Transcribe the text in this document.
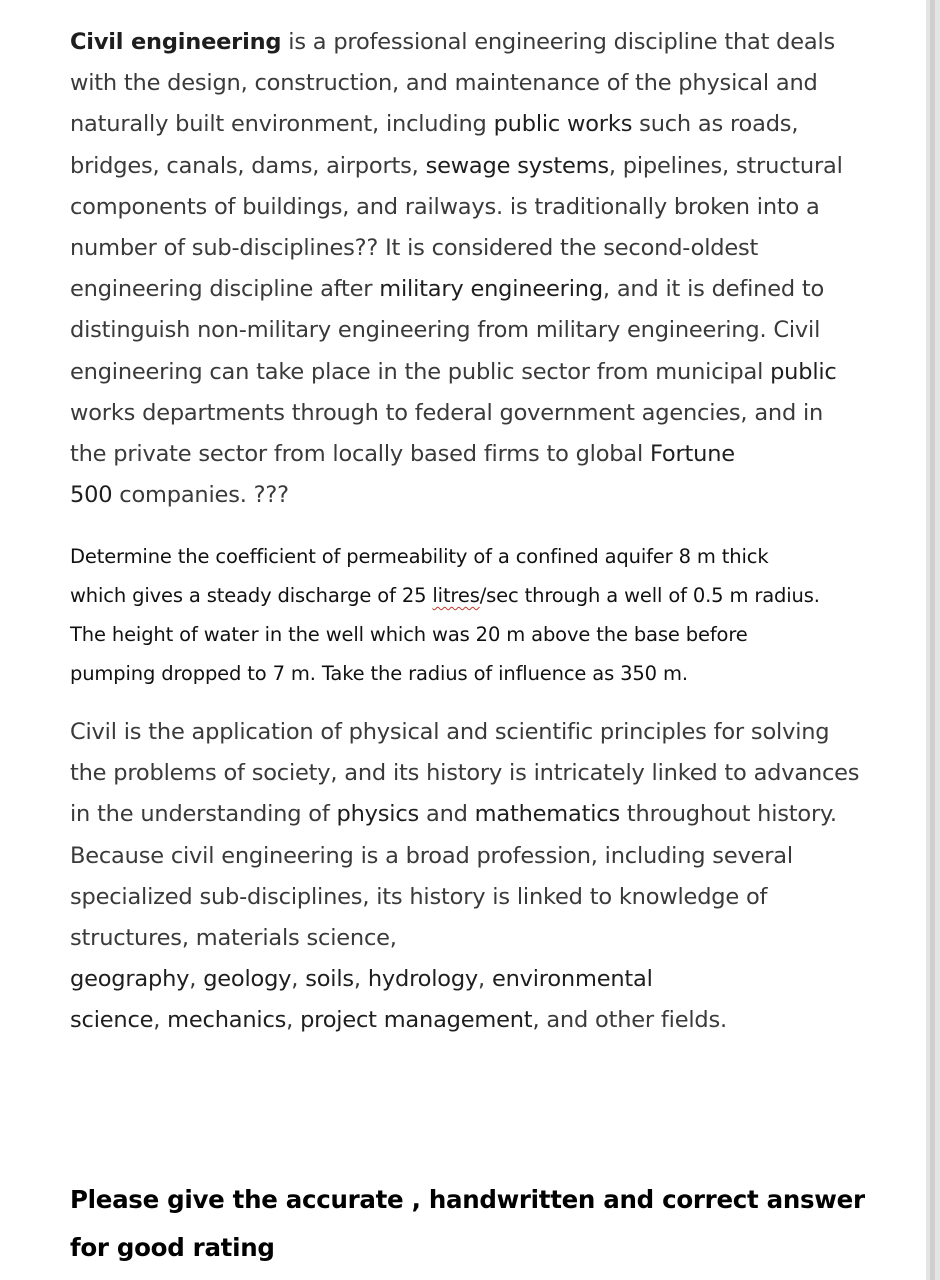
Civil engineering is a professional engineering discipline that deals
with the design, construction, and maintenance of the physical and
naturally built environment, including public works such as roads,
bridges, canals, dams, airports, sewage systems, pipelines, structural
components of buildings, and railways. is traditionally broken into a
number of sub-disciplines?? It is considered the second-oldest
engineering discipline after military engineering, and it is defined to
distinguish non-military engineering from military engineering. Civil
engineering can take place in the public sector from municipal public
works departments through to federal government agencies, and in
the private sector from locally based firms to global Fortune
500 companies. ???
Determine the coefficient of permeability of a confined aquifer 8 m thick
which gives a steady discharge of 25 litres/sec through a well of 0.5 m radius.
The height of water in the well which was 20 m above the base before
pumping dropped to 7 m. Take the radius of influence as 350 m.
Civil is the application of physical and scientific principles for solving
the problems of society, and its history is intricately linked to advances
in the understanding of physics and mathematics throughout history.
Because civil engineering is a broad profession, including several
specialized sub-disciplines, its history is linked to knowledge of
structures, materials science,
geography, geology, soils, hydrology, environmental
science, mechanics, project management, and other fields.
Please give the accurate , handwritten and correct answer
for good rating
